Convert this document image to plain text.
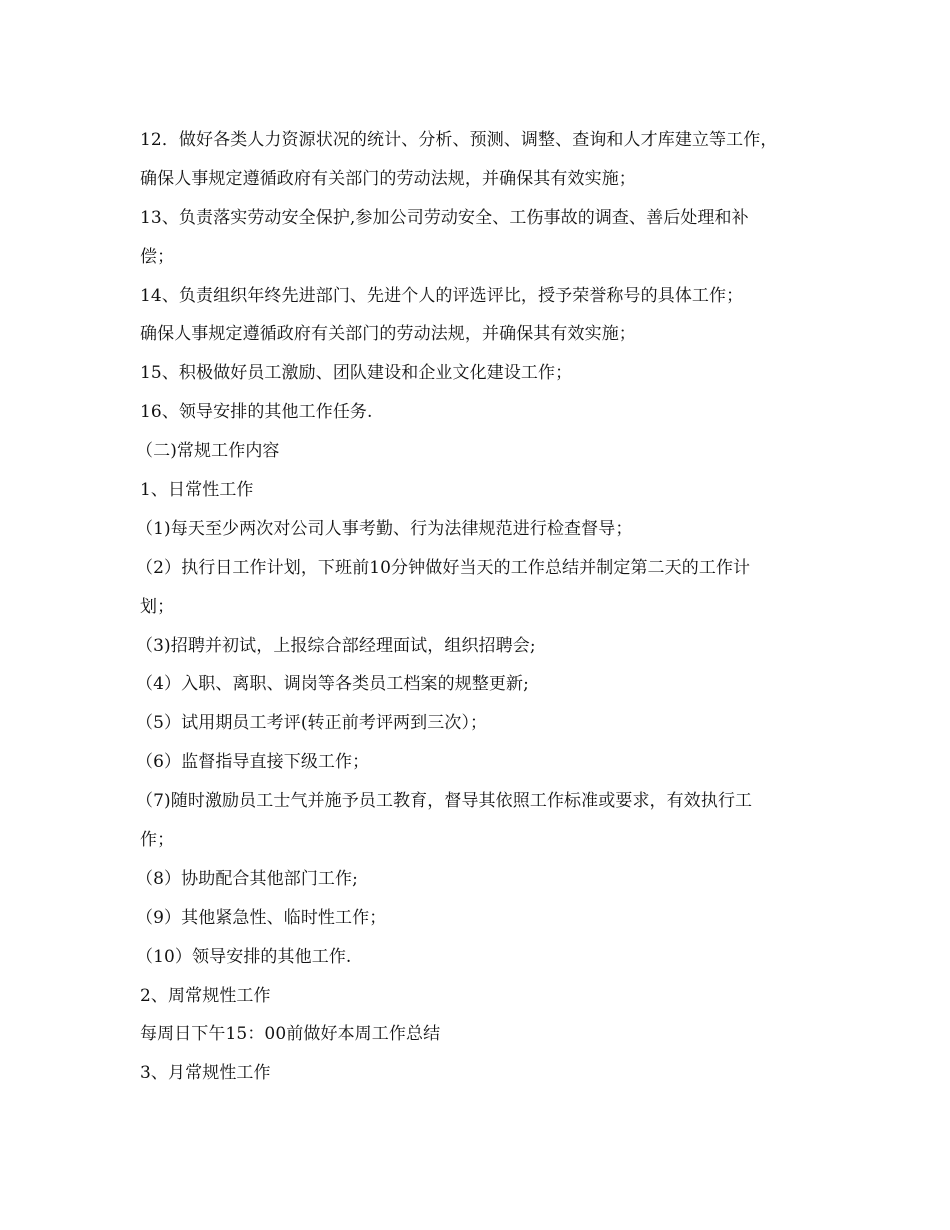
12．做好各类人力资源状况的统计、分析、预测、调整、查询和人才库建立等工作，
确保人事规定遵循政府有关部门的劳动法规，并确保其有效实施；
13、负责落实劳动安全保护,参加公司劳动安全、工伤事故的调查、善后处理和补
偿；
14、负责组织年终先进部门、先进个人的评选评比，授予荣誉称号的具体工作；
确保人事规定遵循政府有关部门的劳动法规，并确保其有效实施；
15、积极做好员工激励、团队建设和企业文化建设工作；
16、领导安排的其他工作任务.
（二)常规工作内容
1、日常性工作
（1)每天至少两次对公司人事考勤、行为法律规范进行检查督导；
（2）执行日工作计划，下班前10分钟做好当天的工作总结并制定第二天的工作计
划；
（3)招聘并初试，上报综合部经理面试，组织招聘会;
（4）入职、离职、调岗等各类员工档案的规整更新;
（5）试用期员工考评(转正前考评两到三次）；
（6）监督指导直接下级工作；
（7)随时激励员工士气并施予员工教育，督导其依照工作标准或要求，有效执行工
作；
（8）协助配合其他部门工作;
（9）其他紧急性、临时性工作；
（10）领导安排的其他工作.
2、周常规性工作
每周日下午15：00前做好本周工作总结
3、月常规性工作
